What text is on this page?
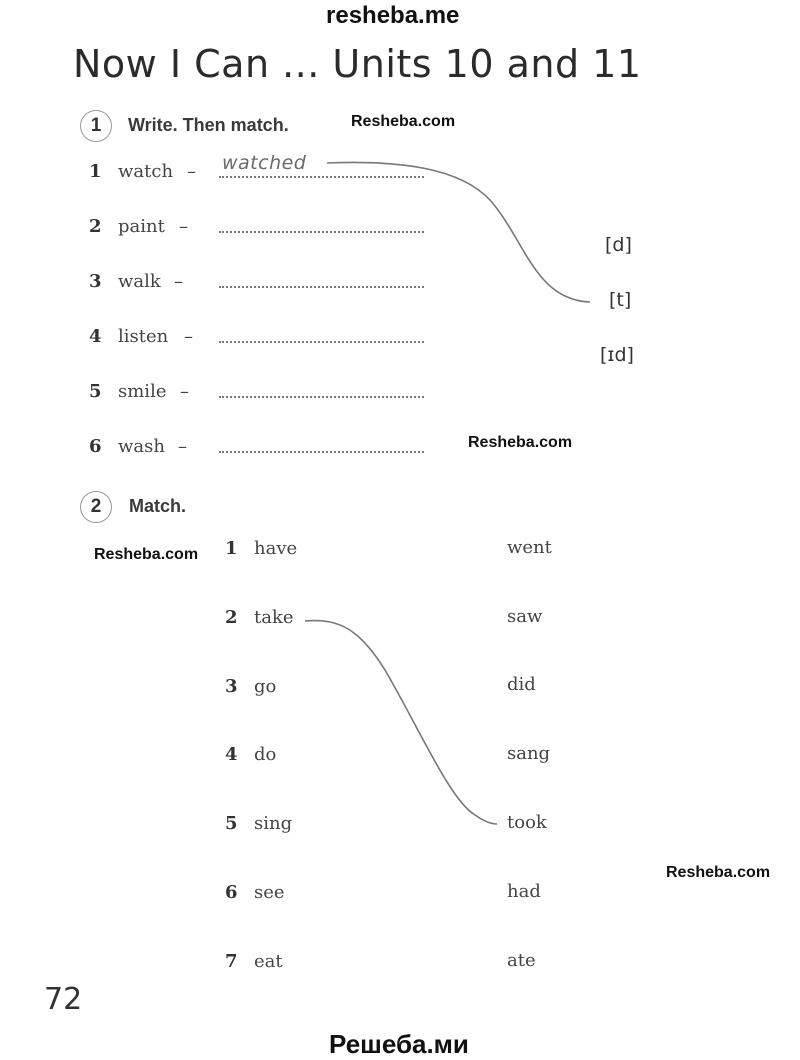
resheba.me
Now I Can ... Units 10 and 11
1	Write. Then match.	Resheba.com
1 watch – watched
2 paint –
3 walk –
4 listen –
5 smile –
6 wash –	Resheba.com
[d]
[t]
[ɪd]
2	Match.
Resheba.com 1 have
2 take
3 go
4 do
5 sing
6 see
7 eat
went
saw
did
sang
took
had
ate
Resheba.com
72
Решеба.ми
